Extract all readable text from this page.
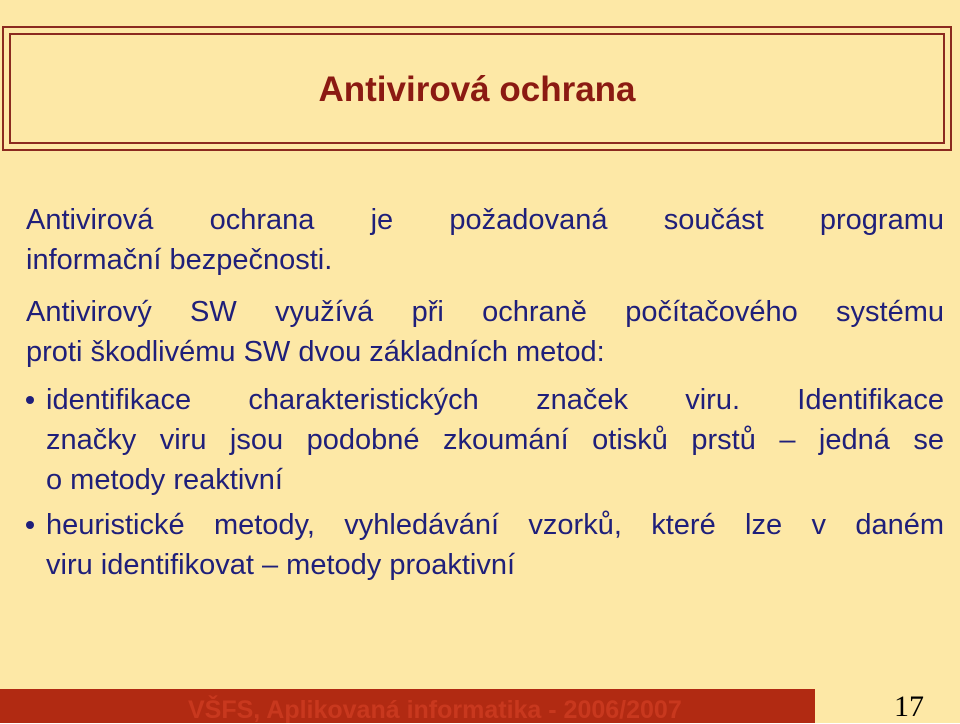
Antivirová ochrana
Antivirová ochrana je požadovaná součást programu
informační bezpečnosti.
Antivirový SW využívá při ochraně počítačového systému
proti škodlivému SW dvou základních metod:
identifikace charakteristických značek viru. Identifikace
značky viru jsou podobné zkoumání otisků prstů – jedná se
o metody reaktivní
heuristické metody, vyhledávání vzorků, které lze v daném
viru identifikovat – metody proaktivní
VŠFS, Aplikovaná informatika - 2006/2007	17
